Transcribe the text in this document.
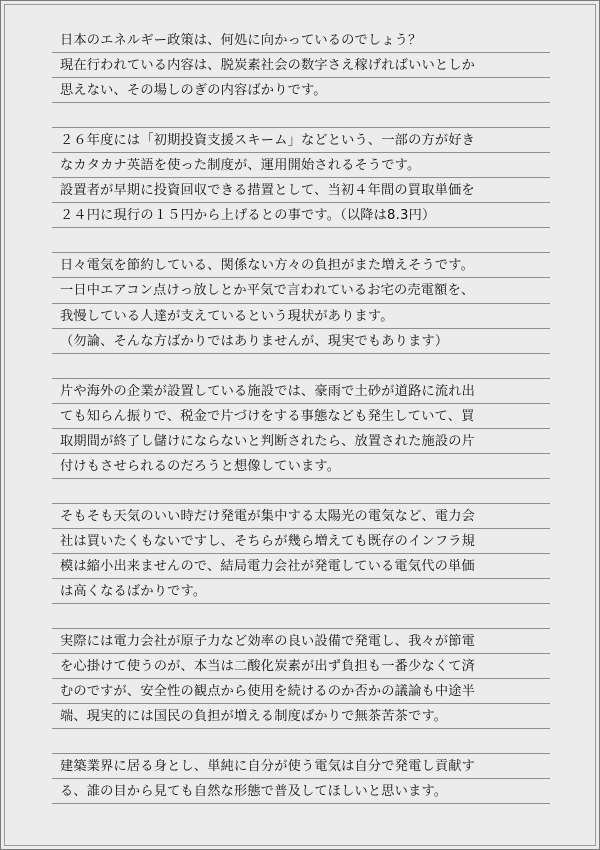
日本のエネルギー政策は、何処に向かっているのでしょう？
現在行われている内容は、脱炭素社会の数字さえ稼げればいいとしか
思えない、その場しのぎの内容ばかりです。
２６年度には「初期投資支援スキーム」などという、一部の方が好き
なカタカナ英語を使った制度が、運用開始されるそうです。
設置者が早期に投資回収できる措置として、当初４年間の買取単価を
２４円に現行の１５円から上げるとの事です。（以降は8.3円）
日々電気を節約している、関係ない方々の負担がまた増えそうです。
一日中エアコン点けっ放しとか平気で言われているお宅の売電額を、
我慢している人達が支えているという現状があります。
（勿論、そんな方ばかりではありませんが、現実でもあります）
片や海外の企業が設置している施設では、豪雨で土砂が道路に流れ出
ても知らん振りで、税金で片づけをする事態なども発生していて、買
取期間が終了し儲けにならないと判断されたら、放置された施設の片
付けもさせられるのだろうと想像しています。
そもそも天気のいい時だけ発電が集中する太陽光の電気など、電力会
社は買いたくもないですし、そちらが幾ら増えても既存のインフラ規
模は縮小出来ませんので、結局電力会社が発電している電気代の単価
は高くなるばかりです。
実際には電力会社が原子力など効率の良い設備で発電し、我々が節電
を心掛けて使うのが、本当は二酸化炭素が出ず負担も一番少なくて済
むのですが、安全性の観点から使用を続けるのか否かの議論も中途半
端、現実的には国民の負担が増える制度ばかりで無茶苦茶です。
建築業界に居る身とし、単純に自分が使う電気は自分で発電し貢献す
る、誰の目から見ても自然な形態で普及してほしいと思います。
